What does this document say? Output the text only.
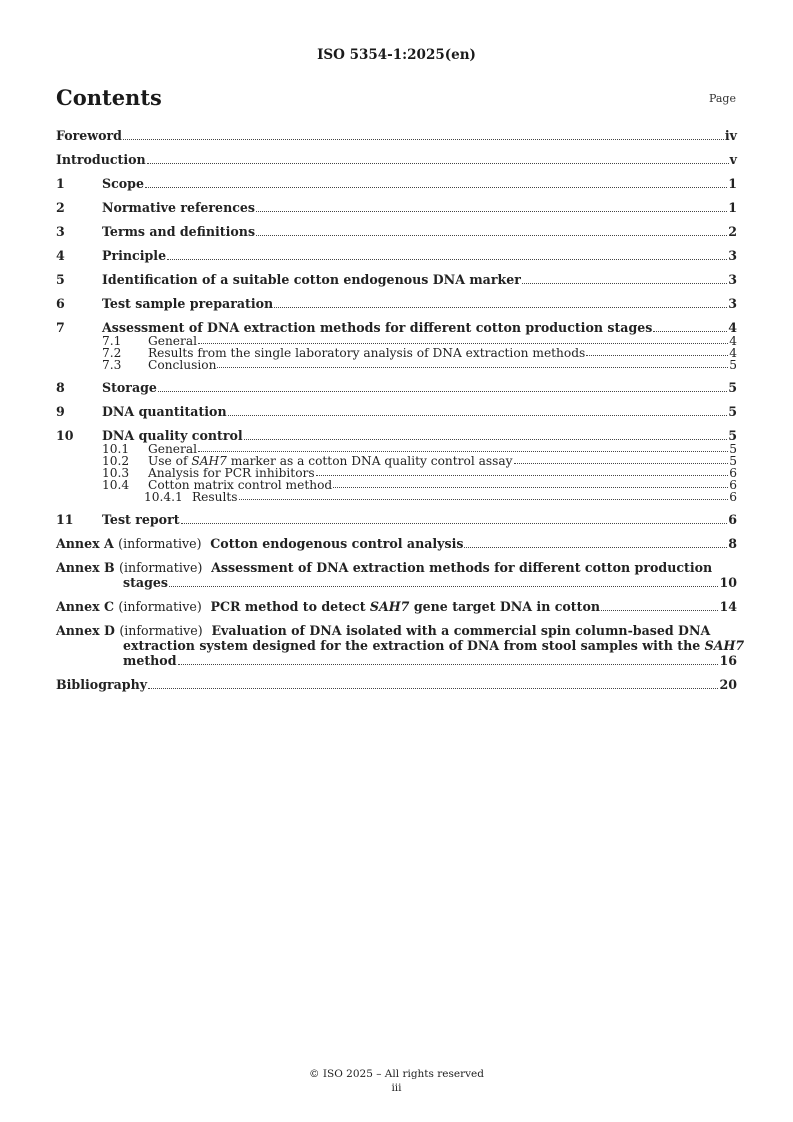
ISO 5354-1:2025(en)
Contents	Page
Foreword	iv
Introduction	v
1	Scope	1
2	Normative references	1
3	Terms and definitions	2
4	Principle	3
5	Identification of a suitable cotton endogenous DNA marker	3
6	Test sample preparation	3
7	Assessment of DNA extraction methods for different cotton production stages	4
7.1	General	4
7.2	Results from the single laboratory analysis of DNA extraction methods	4
7.3	Conclusion	5
8	Storage	5
9	DNA quantitation	5
10	DNA quality control	5
10.1	General	5
10.2	Use of SAH7 marker as a cotton DNA quality control assay	5
10.3	Analysis for PCR inhibitors	6
10.4	Cotton matrix control method	6
10.4.1 Results	6
11	Test report	6
Annex A (informative) Cotton endogenous control analysis	8
Annex B (informative) Assessment of DNA extraction methods for different cotton production
stages	10
Annex C (informative) PCR method to detect SAH7 gene target DNA in cotton	14
Annex D (informative) Evaluation of DNA isolated with a commercial spin column-based DNA
extraction system designed for the extraction of DNA from stool samples with the SAH7
method	16
Bibliography	20
© ISO 2025 – All rights reserved
iii
